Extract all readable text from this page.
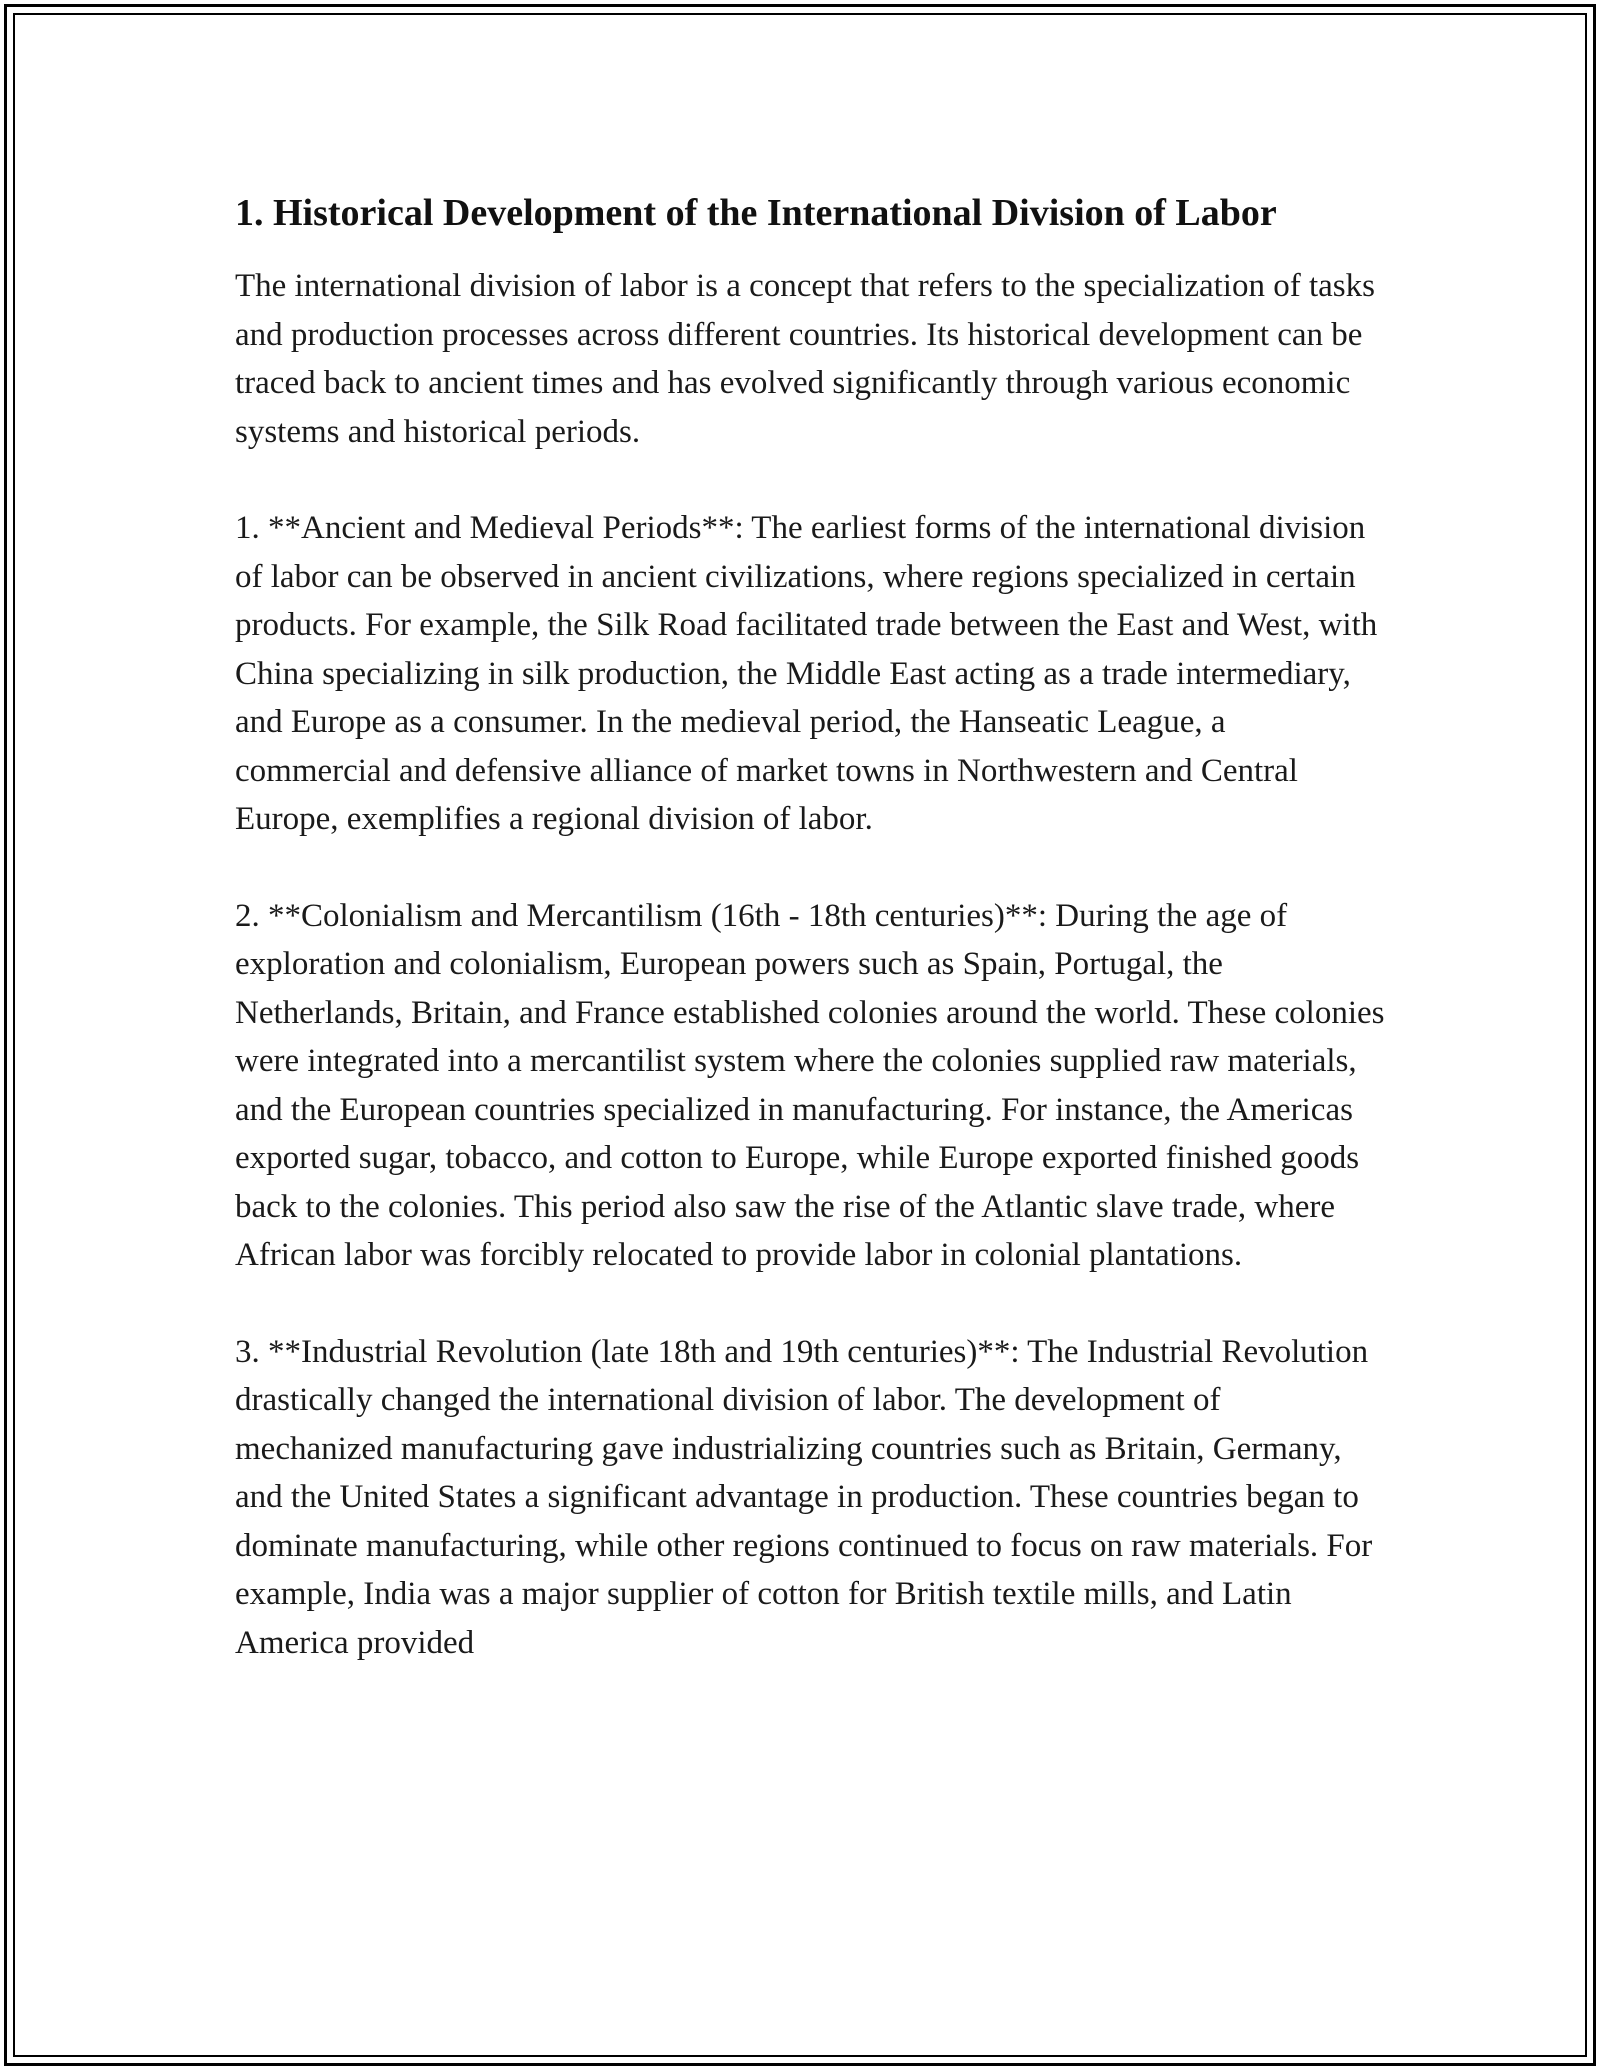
1. Historical Development of the International Division of Labor

The international division of labor is a concept that refers to the specialization of tasks and production processes across different countries. Its historical development can be traced back to ancient times and has evolved significantly through various economic systems and historical periods.

1. **Ancient and Medieval Periods**: The earliest forms of the international division of labor can be observed in ancient civilizations, where regions specialized in certain products. For example, the Silk Road facilitated trade between the East and West, with China specializing in silk production, the Middle East acting as a trade intermediary, and Europe as a consumer. In the medieval period, the Hanseatic League, a commercial and defensive alliance of market towns in Northwestern and Central Europe, exemplifies a regional division of labor.

2. **Colonialism and Mercantilism (16th - 18th centuries)**: During the age of exploration and colonialism, European powers such as Spain, Portugal, the Netherlands, Britain, and France established colonies around the world. These colonies were integrated into a mercantilist system where the colonies supplied raw materials, and the European countries specialized in manufacturing. For instance, the Americas exported sugar, tobacco, and cotton to Europe, while Europe exported finished goods back to the colonies. This period also saw the rise of the Atlantic slave trade, where African labor was forcibly relocated to provide labor in colonial plantations.

3. **Industrial Revolution (late 18th and 19th centuries)**: The Industrial Revolution drastically changed the international division of labor. The development of mechanized manufacturing gave industrializing countries such as Britain, Germany, and the United States a significant advantage in production. These countries began to dominate manufacturing, while other regions continued to focus on raw materials. For example, India was a major supplier of cotton for British textile mills, and Latin America provided
